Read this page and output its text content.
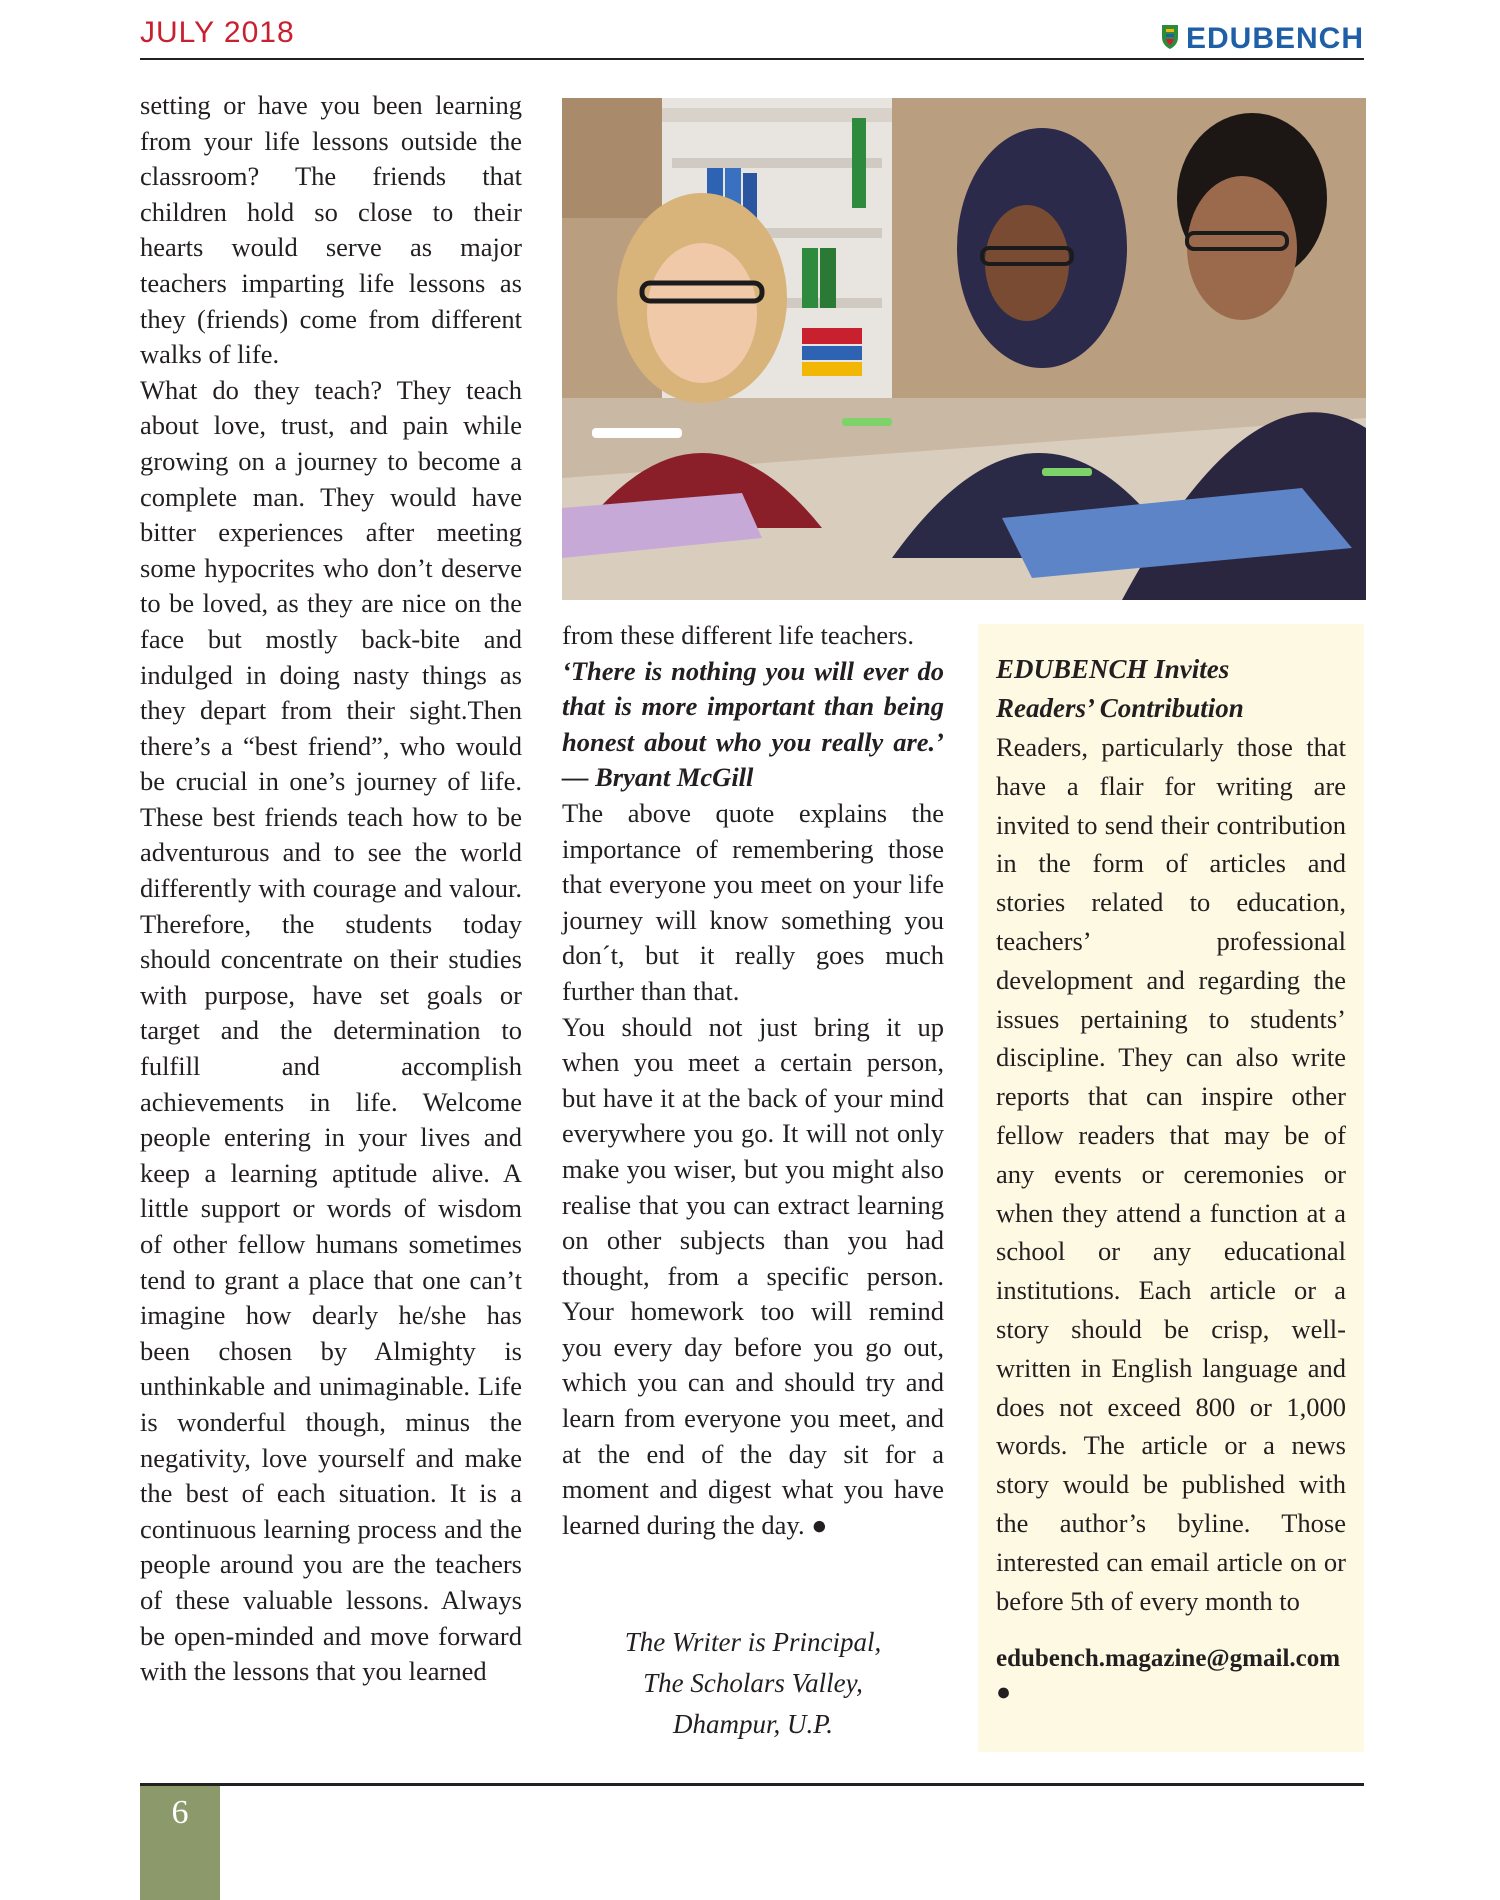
JULY 2018	EDUBENCH

setting or have you been learning from your life lessons outside the classroom? The friends that children hold so close to their hearts would serve as major teachers imparting life lessons as they (friends) come from different walks of life.

What do they teach? They teach about love, trust, and pain while growing on a journey to become a complete man. They would have bitter experiences after meeting some hypocrites who don’t deserve to be loved, as they are nice on the face but mostly back-bite and indulged in doing nasty things as they depart from their sight.Then there’s a “best friend”, who would be crucial in one’s journey of life. These best friends teach how to be adventurous and to see the world differently with courage and valour. Therefore, the students today should concentrate on their studies with purpose, have set goals or target and the determination to fulfill and accomplish achievements in life. Welcome people entering in your lives and keep a learning aptitude alive. A little support or words of wisdom of other fellow humans sometimes tend to grant a place that one can’t imagine how dearly he/she has been chosen by Almighty is unthinkable and unimaginable. Life is wonderful though, minus the negativity, love yourself and make the best of each situation. It is a continuous learning process and the people around you are the teachers of these valuable lessons. Always be open-minded and move forward with the lessons that you learned

from these different life teachers.

‘There is nothing you will ever do that is more important than being honest about who you really are.’ — Bryant McGill

The above quote explains the importance of remembering those that everyone you meet on your life journey will know something you don´t, but it really goes much further than that.

You should not just bring it up when you meet a certain person, but have it at the back of your mind everywhere you go. It will not only make you wiser, but you might also realise that you can extract learning on other subjects than you had thought, from a specific person. Your homework too will remind you every day before you go out, which you can and should try and learn from everyone you meet, and at the end of the day sit for a moment and digest what you have learned during the day. ●

The Writer is Principal,
The Scholars Valley,
Dhampur, U.P.
EDUBENCH Invites
Readers’ Contribution

Readers, particularly those that have a flair for writing are invited to send their contribution in the form of articles and stories related to education, teachers’ professional development and regarding the issues pertaining to students’ discipline. They can also write reports that can inspire other fellow readers that may be of any events or ceremonies or when they attend a function at a school or any educational institutions. Each article or a story should be crisp, well-written in English language and does not exceed 800 or 1,000 words. The article or a news story would be published with the author’s byline. Those interested can email article on or before 5th of every month to

edubench.magazine@gmail.com ●
6
